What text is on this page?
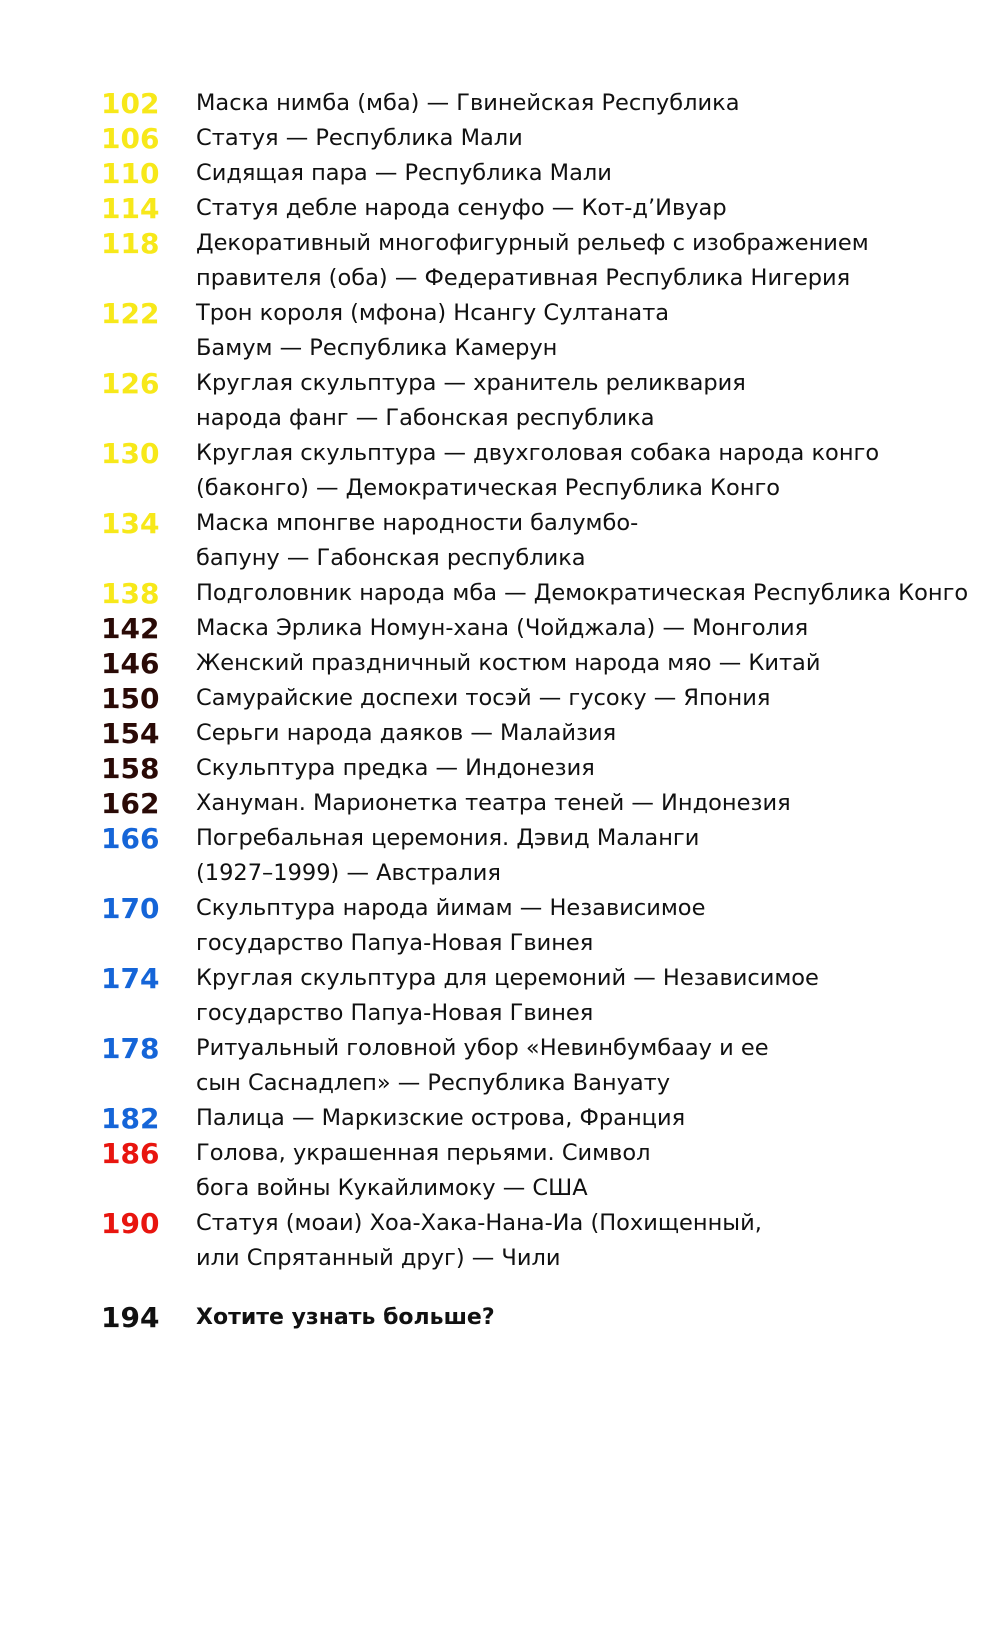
102 Маска нимба (мба) — Гвинейская Республика
106 Статуя — Республика Мали
110 Сидящая пара — Республика Мали
114 Статуя деблe народа сенуфо — Кот-д’Ивуар
118 Декоративный многофигурный рельеф с изображением
правителя (оба) — Федеративная Республика Нигерия
122 Трон короля (мфона) Нсангу Султаната
Бамум — Республика Камерун
126 Круглая скульптура — хранитель реликвария
народа фанг — Габонская республика
130 Круглая скульптура — двухголовая собака народа конго
(баконго) — Демократическая Республика Конго
134 Маска мпонгве народности балумбо-
бапуну — Габонская республика
138 Подголовник народа мба — Демократическая Республика Конго
142 Маска Эрлика Номун-хана (Чойджала) — Монголия
146 Женский праздничный костюм народа мяо — Китай
150 Самурайские доспехи тосэй — гусоку — Япония
154 Серьги народа даяков — Малайзия
158 Скульптура предка — Индонезия
162 Хануман. Марионетка театра теней — Индонезия
166 Погребальная церемония. Дэвид Маланги
(1927–1999) — Австралия
170 Скульптура народа йимам — Независимое
государство Папуа-Новая Гвинея
174 Круглая скульптура для церемоний — Независимое
государство Папуа-Новая Гвинея
178 Ритуальный головной убор «Невинбумбаау и ее
сын Саснадлеп» — Республика Вануату
182 Палица — Маркизские острова, Франция
186 Голова, украшенная перьями. Символ
бога войны Кукайлимоку — США
190 Статуя (моаи) Хоа-Хака-Нана-Иа (Похищенный,
или Спрятанный друг) — Чили
194	Хотите узнать больше?
